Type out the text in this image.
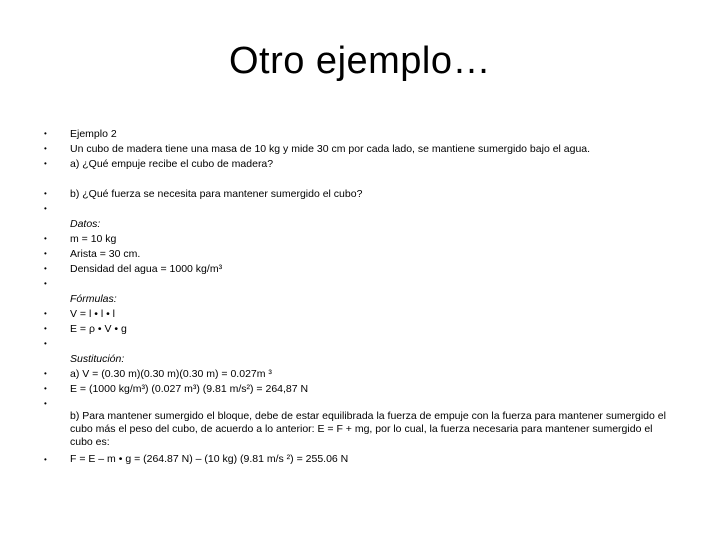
Otro ejemplo…
•
•
•
•
•
•
•
•
•
•
•
•
•
•
•
•
Ejemplo 2
Un cubo de madera tiene una masa de 10 kg y mide 30 cm por cada lado, se mantiene sumergido bajo el agua.
a) ¿Qué empuje recibe el cubo de madera?
b) ¿Qué fuerza se necesita para mantener sumergido el cubo?
Datos:
m = 10 kg
Arista = 30 cm.
Densidad del agua = 1000 kg/m³
Fórmulas:
V = l • l • l
E = ρ • V • g
Sustitución:
a) V = (0.30 m)(0.30 m)(0.30 m) = 0.027m ³
E = (1000 kg/m³) (0.027 m³) (9.81 m/s²) = 264,87 N
b) Para mantener sumergido el bloque, debe de estar equilibrada la fuerza de empuje con la fuerza para mantener sumergido el cubo más el peso del cubo, de acuerdo a lo anterior: E = F + mg, por lo cual, la fuerza necesaria para mantener sumergido el cubo es:
F = E – m • g = (264.87 N) – (10 kg) (9.81 m/s ²) = 255.06 N
